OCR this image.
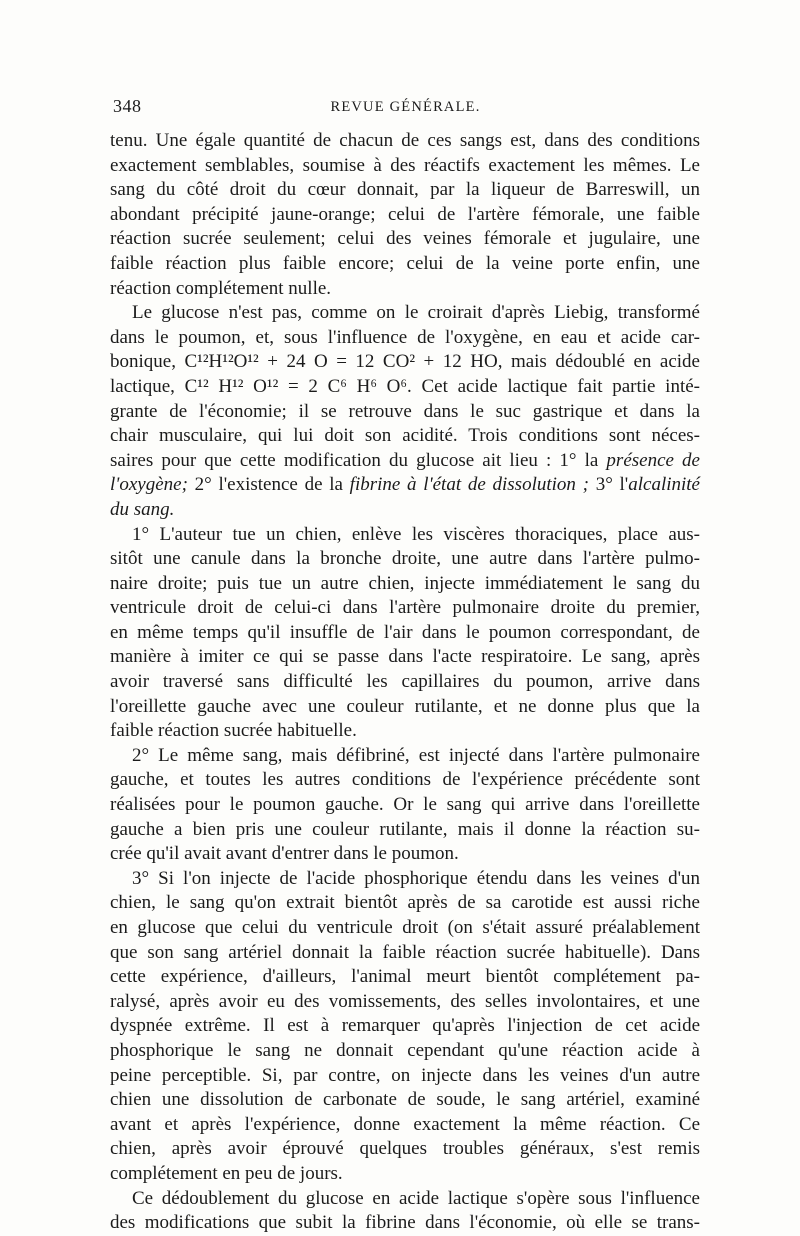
348	REVUE GÉNÉRALE.
tenu. Une égale quantité de chacun de ces sangs est, dans des conditions
exactement semblables, soumise à des réactifs exactement les mêmes. Le
sang du côté droit du cœur donnait, par la liqueur de Barreswill, un
abondant précipité jaune-orange; celui de l'artère fémorale, une faible
réaction sucrée seulement; celui des veines fémorale et jugulaire, une
faible réaction plus faible encore; celui de la veine porte enfin, une
réaction complétement nulle.
Le glucose n'est pas, comme on le croirait d'après Liebig, transformé
dans le poumon, et, sous l'influence de l'oxygène, en eau et acide car-
bonique, C¹²H¹²O¹² + 24 O = 12 CO² + 12 HO, mais dédoublé en acide
lactique, C¹² H¹² O¹² = 2 C⁶ H⁶ O⁶. Cet acide lactique fait partie inté-
grante de l'économie; il se retrouve dans le suc gastrique et dans la
chair musculaire, qui lui doit son acidité. Trois conditions sont néces-
saires pour que cette modification du glucose ait lieu : 1° la présence de
l'oxygène; 2° l'existence de la fibrine à l'état de dissolution ; 3° l'alcalinité
du sang.
1° L'auteur tue un chien, enlève les viscères thoraciques, place aus-
sitôt une canule dans la bronche droite, une autre dans l'artère pulmo-
naire droite; puis tue un autre chien, injecte immédiatement le sang du
ventricule droit de celui-ci dans l'artère pulmonaire droite du premier,
en même temps qu'il insuffle de l'air dans le poumon correspondant, de
manière à imiter ce qui se passe dans l'acte respiratoire. Le sang, après
avoir traversé sans difficulté les capillaires du poumon, arrive dans
l'oreillette gauche avec une couleur rutilante, et ne donne plus que la
faible réaction sucrée habituelle.
2° Le même sang, mais défibriné, est injecté dans l'artère pulmonaire
gauche, et toutes les autres conditions de l'expérience précédente sont
réalisées pour le poumon gauche. Or le sang qui arrive dans l'oreillette
gauche a bien pris une couleur rutilante, mais il donne la réaction su-
crée qu'il avait avant d'entrer dans le poumon.
3° Si l'on injecte de l'acide phosphorique étendu dans les veines d'un
chien, le sang qu'on extrait bientôt après de sa carotide est aussi riche
en glucose que celui du ventricule droit (on s'était assuré préalablement
que son sang artériel donnait la faible réaction sucrée habituelle). Dans
cette expérience, d'ailleurs, l'animal meurt bientôt complétement pa-
ralysé, après avoir eu des vomissements, des selles involontaires, et une
dyspnée extrême. Il est à remarquer qu'après l'injection de cet acide
phosphorique le sang ne donnait cependant qu'une réaction acide à
peine perceptible. Si, par contre, on injecte dans les veines d'un autre
chien une dissolution de carbonate de soude, le sang artériel, examiné
avant et après l'expérience, donne exactement la même réaction. Ce
chien, après avoir éprouvé quelques troubles généraux, s'est remis
complétement en peu de jours.
Ce dédoublement du glucose en acide lactique s'opère sous l'influence
des modifications que subit la fibrine dans l'économie, où elle se trans-
